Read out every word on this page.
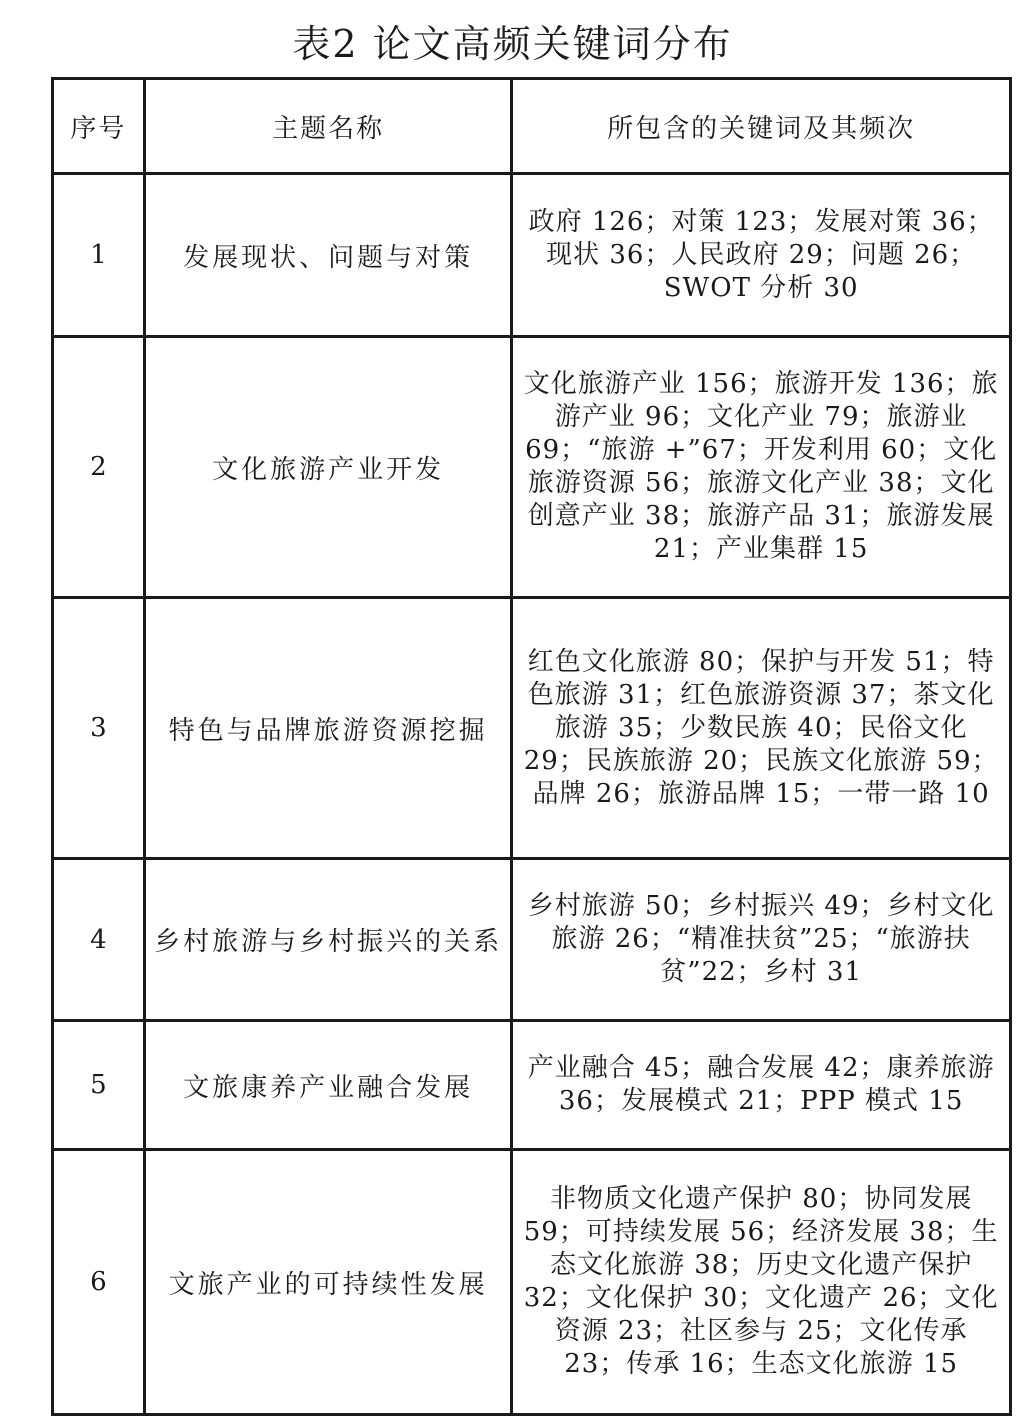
表2 论文高频关键词分布
序号	主题名称	所包含的关键词及其频次
1	发展现状、问题与对策	政府 126；对策 123；发展对策 36；现状 36；人民政府 29；问题 26；SWOT 分析 30
2	文化旅游产业开发	文化旅游产业 156；旅游开发 136；旅游产业 96；文化产业 79；旅游业 69；“旅游 +”67；开发利用 60；文化旅游资源 56；旅游文化产业 38；文化创意产业 38；旅游产品 31；旅游发展 21；产业集群 15
3	特色与品牌旅游资源挖掘	红色文化旅游 80；保护与开发 51；特色旅游 31；红色旅游资源 37；茶文化旅游 35；少数民族 40；民俗文化 29；民族旅游 20；民族文化旅游 59；品牌 26；旅游品牌 15；一带一路 10
4	乡村旅游与乡村振兴的关系	乡村旅游 50；乡村振兴 49；乡村文化旅游 26；“精准扶贫”25；“旅游扶贫”22；乡村 31
5	文旅康养产业融合发展	产业融合 45；融合发展 42；康养旅游 36；发展模式 21；PPP 模式 15
6	文旅产业的可持续性发展	非物质文化遗产保护 80；协同发展 59；可持续发展 56；经济发展 38；生态文化旅游 38；历史文化遗产保护 32；文化保护 30；文化遗产 26；文化资源 23；社区参与 25；文化传承 23；传承 16；生态文化旅游 15
